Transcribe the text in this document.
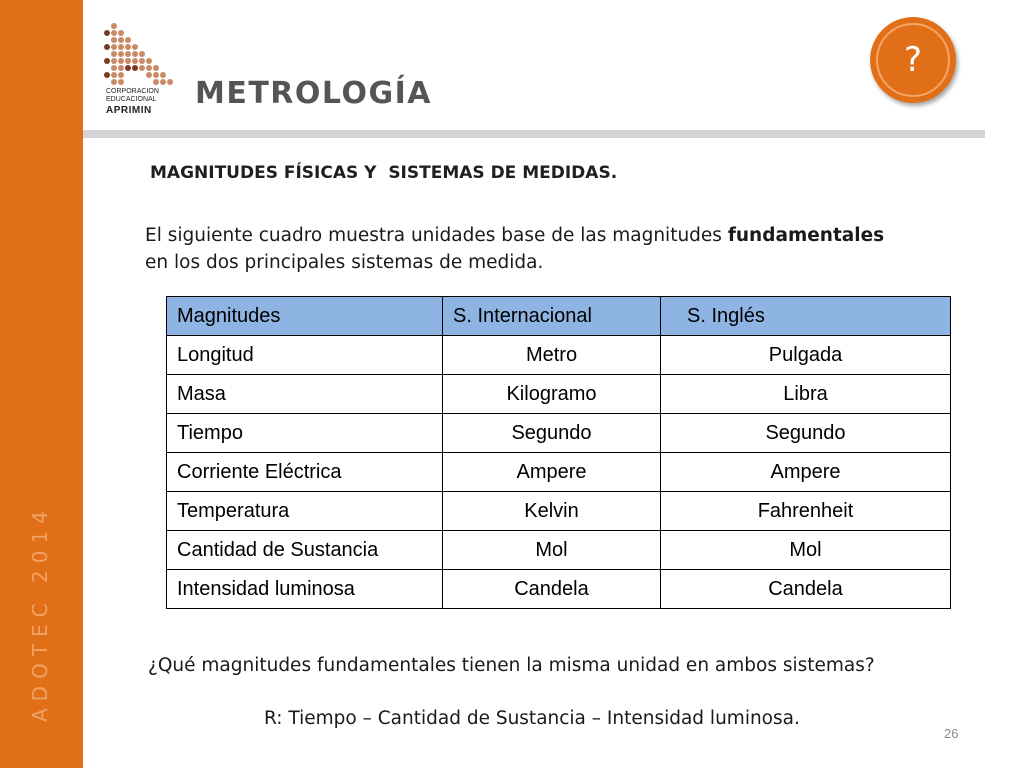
ADOTEC 2014
CORPORACION
EDUCACIONAL
APRIMIN	METROLOGÍA
?
MAGNITUDES FÍSICAS Y  SISTEMAS DE MEDIDAS.
El siguiente cuadro muestra unidades base de las magnitudes fundamentales en los dos principales sistemas de medida.
Magnitudes	S. Internacional	S. Inglés
Longitud	Metro	Pulgada
Masa	Kilogramo	Libra
Tiempo	Segundo	Segundo
Corriente Eléctrica	Ampere	Ampere
Temperatura	Kelvin	Fahrenheit
Cantidad de Sustancia	Mol	Mol
Intensidad luminosa	Candela	Candela
¿Qué magnitudes fundamentales tienen la misma unidad en ambos sistemas?
R: Tiempo – Cantidad de Sustancia – Intensidad luminosa.
26
